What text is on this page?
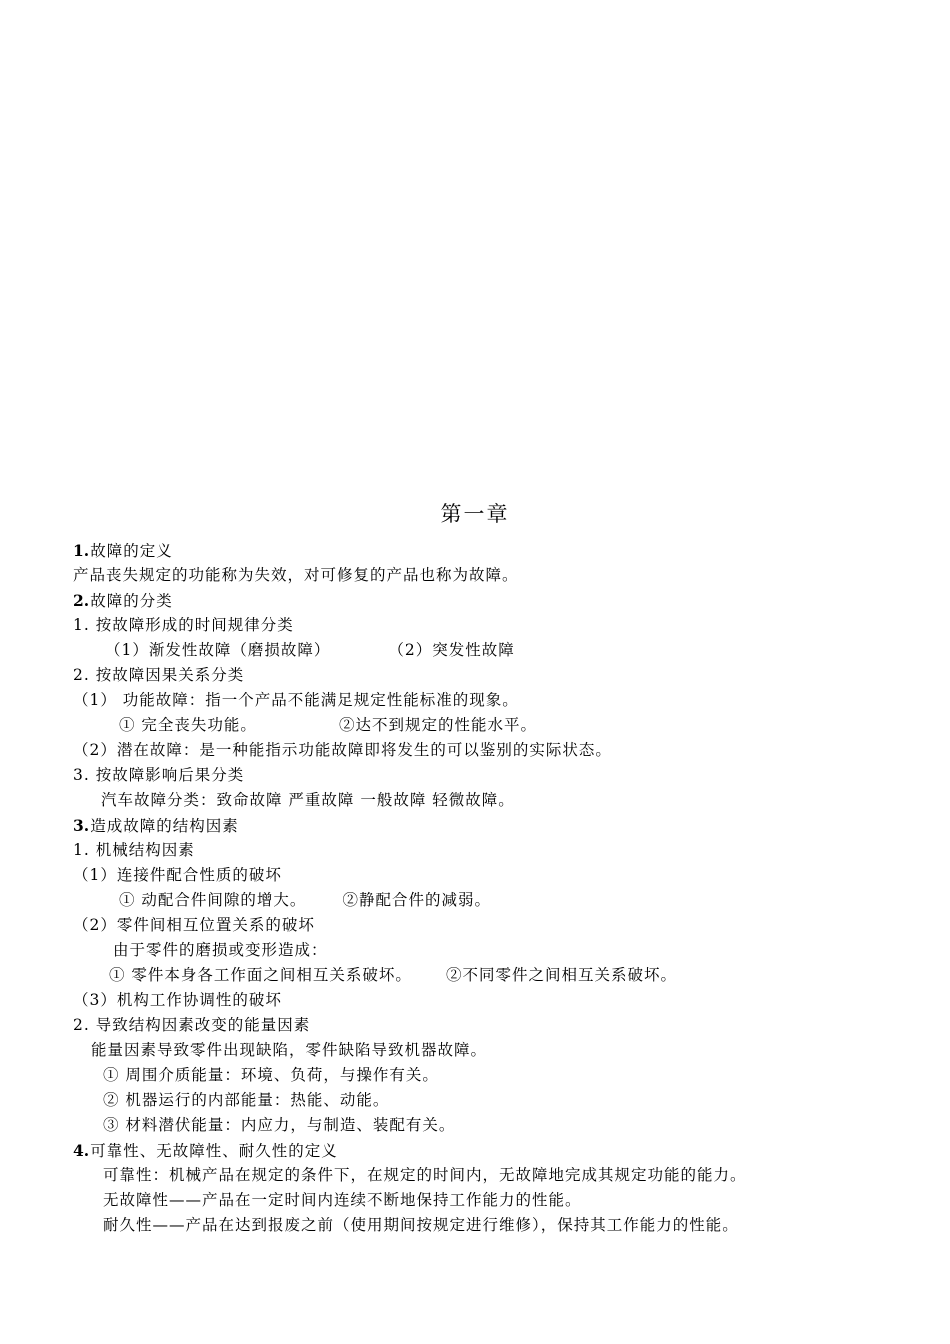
第一章
1.故障的定义
产品丧失规定的功能称为失效，对可修复的产品也称为故障。
2.故障的分类
1. 按故障形成的时间规律分类
（1）渐发性故障（磨损故障）	（2）突发性故障
2. 按故障因果关系分类
（1） 功能故障：指一个产品不能满足规定性能标准的现象。
① 完全丧失功能。	②达不到规定的性能水平。
（2）潜在故障：是一种能指示功能故障即将发生的可以鉴别的实际状态。
3. 按故障影响后果分类
汽车故障分类：致命故障 严重故障 一般故障 轻微故障。
3.造成故障的结构因素
1. 机械结构因素
（1）连接件配合性质的破坏
① 动配合件间隙的增大。 ②静配合件的减弱。
（2）零件间相互位置关系的破坏
由于零件的磨损或变形造成：
① 零件本身各工作面之间相互关系破坏。 ②不同零件之间相互关系破坏。
（3）机构工作协调性的破坏
2. 导致结构因素改变的能量因素
能量因素导致零件出现缺陷，零件缺陷导致机器故障。
① 周围介质能量：环境、负荷，与操作有关。
② 机器运行的内部能量：热能、动能。
③ 材料潜伏能量：内应力，与制造、装配有关。
4.可靠性、无故障性、耐久性的定义
可靠性：机械产品在规定的条件下，在规定的时间内，无故障地完成其规定功能的能力。
无故障性——产品在一定时间内连续不断地保持工作能力的性能。
耐久性——产品在达到报废之前（使用期间按规定进行维修），保持其工作能力的性能。
